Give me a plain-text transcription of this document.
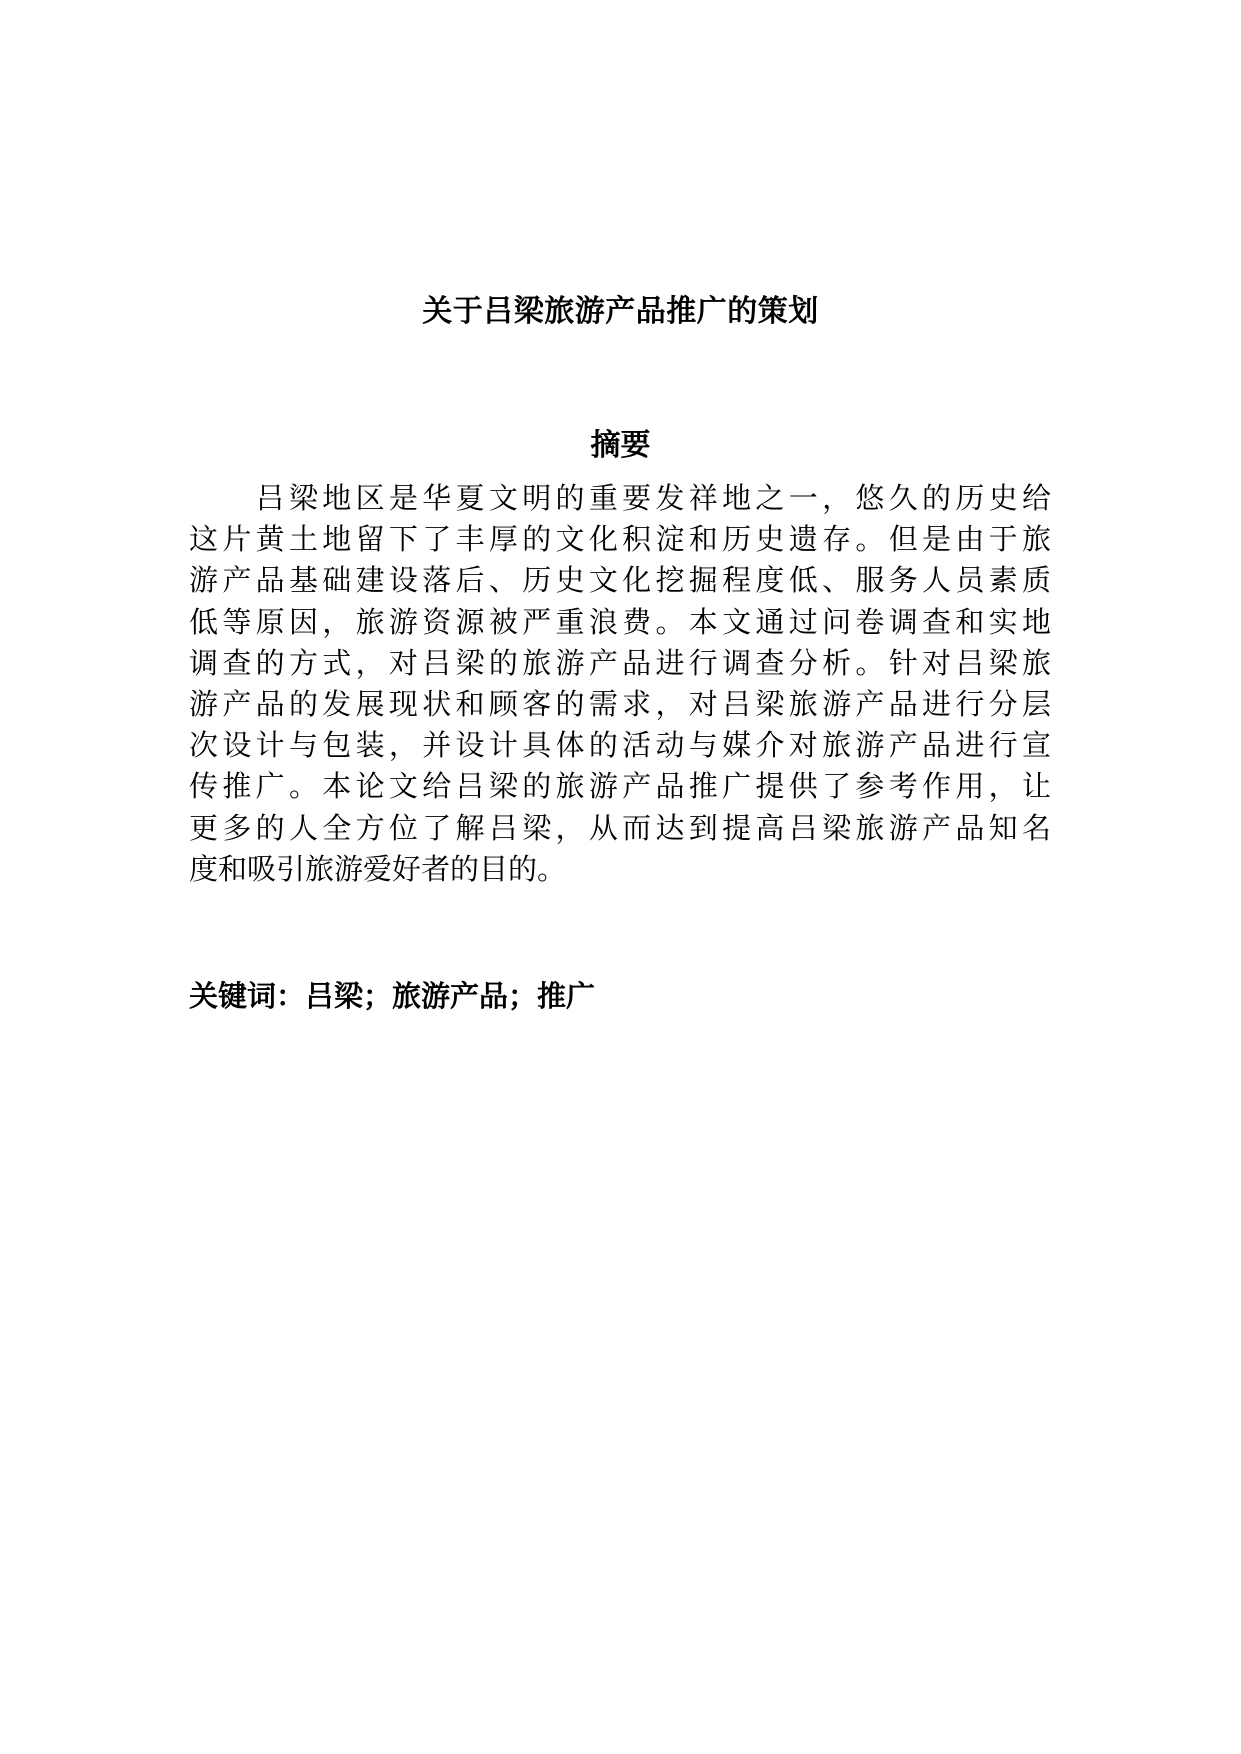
关于吕梁旅游产品推广的策划
摘要
　　吕梁地区是华夏文明的重要发祥地之一，悠久的历史给
这片黄土地留下了丰厚的文化积淀和历史遗存。但是由于旅
游产品基础建设落后、历史文化挖掘程度低、服务人员素质
低等原因，旅游资源被严重浪费。本文通过问卷调查和实地
调查的方式，对吕梁的旅游产品进行调查分析。针对吕梁旅
游产品的发展现状和顾客的需求，对吕梁旅游产品进行分层
次设计与包装，并设计具体的活动与媒介对旅游产品进行宣
传推广。本论文给吕梁的旅游产品推广提供了参考作用，让
更多的人全方位了解吕梁，从而达到提高吕梁旅游产品知名
度和吸引旅游爱好者的目的。

关键词：吕梁；旅游产品；推广
